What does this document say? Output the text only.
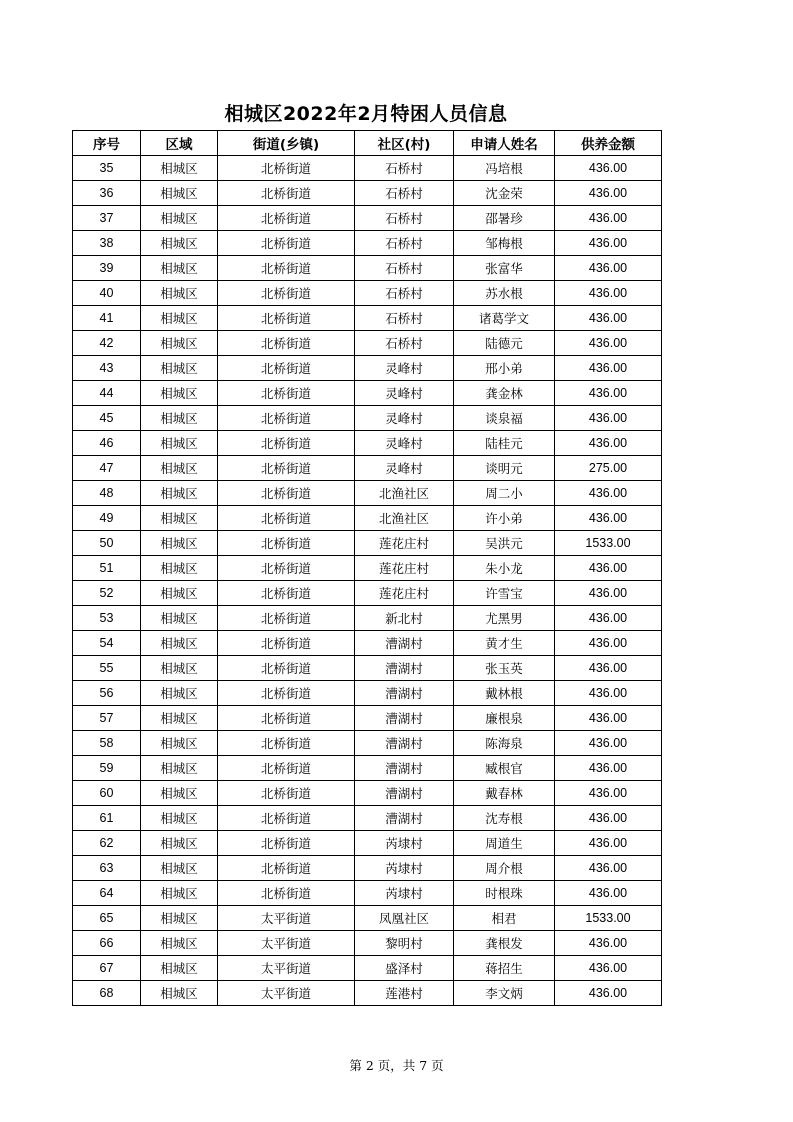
相城区2022年2月特困人员信息
序号	区域	街道(乡镇)	社区(村)	申请人姓名	供养金额
35	相城区	北桥街道	石桥村	冯培根	436.00
36	相城区	北桥街道	石桥村	沈金荣	436.00
37	相城区	北桥街道	石桥村	邵暑珍	436.00
38	相城区	北桥街道	石桥村	邹梅根	436.00
39	相城区	北桥街道	石桥村	张富华	436.00
40	相城区	北桥街道	石桥村	苏水根	436.00
41	相城区	北桥街道	石桥村	诸葛学文	436.00
42	相城区	北桥街道	石桥村	陆德元	436.00
43	相城区	北桥街道	灵峰村	邢小弟	436.00
44	相城区	北桥街道	灵峰村	龚金林	436.00
45	相城区	北桥街道	灵峰村	谈泉福	436.00
46	相城区	北桥街道	灵峰村	陆桂元	436.00
47	相城区	北桥街道	灵峰村	谈明元	275.00
48	相城区	北桥街道	北渔社区	周二小	436.00
49	相城区	北桥街道	北渔社区	许小弟	436.00
50	相城区	北桥街道	莲花庄村	吴洪元	1533.00
51	相城区	北桥街道	莲花庄村	朱小龙	436.00
52	相城区	北桥街道	莲花庄村	许雪宝	436.00
53	相城区	北桥街道	新北村	尤黑男	436.00
54	相城区	北桥街道	漕湖村	黄才生	436.00
55	相城区	北桥街道	漕湖村	张玉英	436.00
56	相城区	北桥街道	漕湖村	戴林根	436.00
57	相城区	北桥街道	漕湖村	廉根泉	436.00
58	相城区	北桥街道	漕湖村	陈海泉	436.00
59	相城区	北桥街道	漕湖村	臧根官	436.00
60	相城区	北桥街道	漕湖村	戴春林	436.00
61	相城区	北桥街道	漕湖村	沈寿根	436.00
62	相城区	北桥街道	芮埭村	周道生	436.00
63	相城区	北桥街道	芮埭村	周介根	436.00
64	相城区	北桥街道	芮埭村	时根珠	436.00
65	相城区	太平街道	凤凰社区	相君	1533.00
66	相城区	太平街道	黎明村	龚根发	436.00
67	相城区	太平街道	盛泽村	蒋招生	436.00
68	相城区	太平街道	莲港村	李文炳	436.00
第 2 页，共 7 页
